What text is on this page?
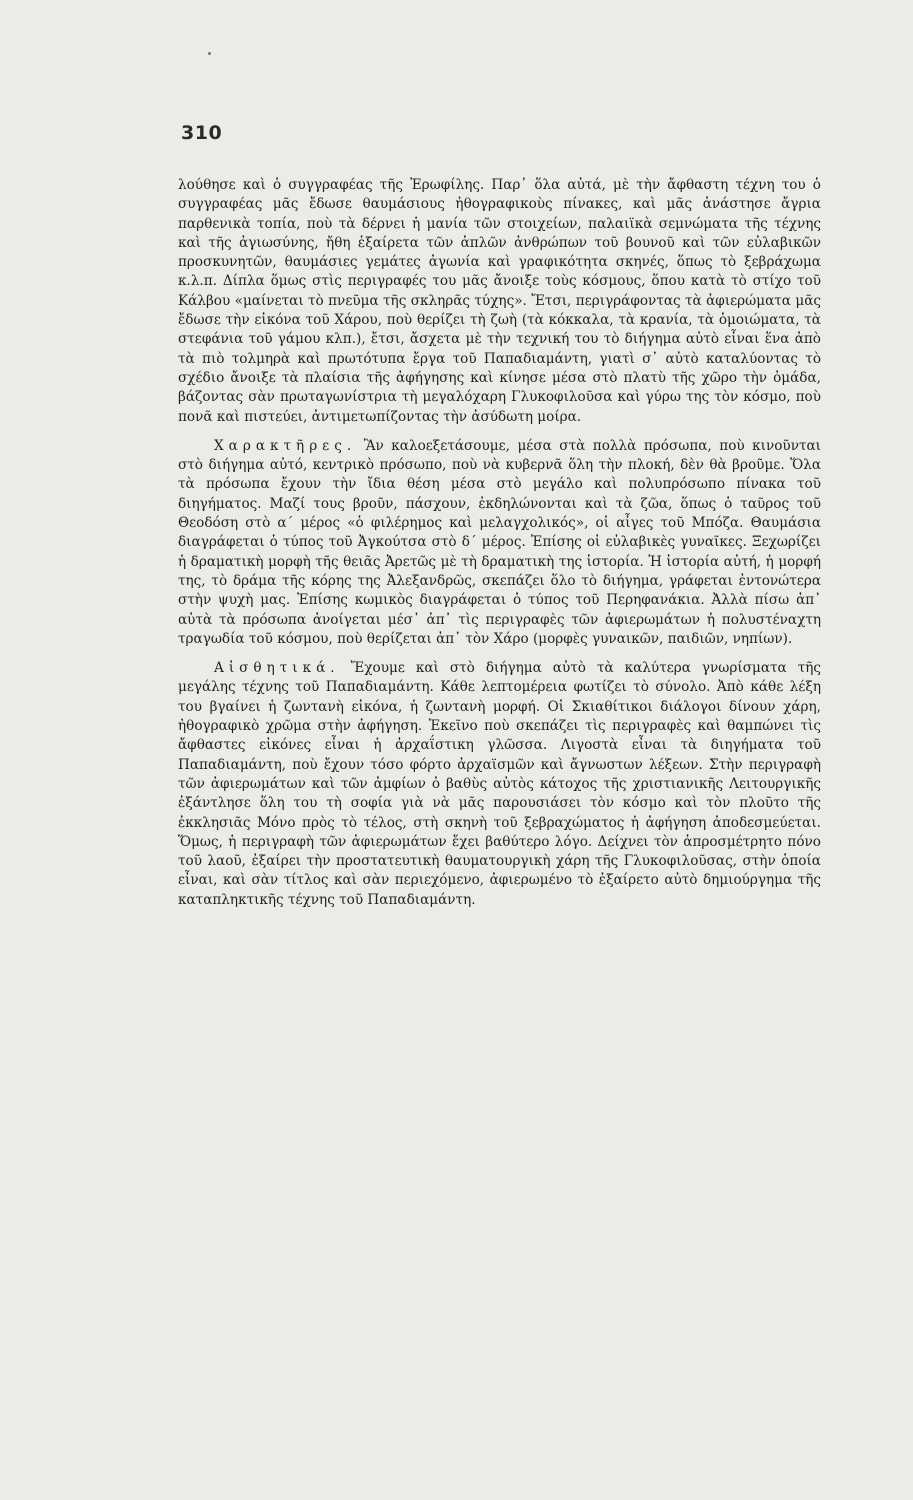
310

λούθησε καὶ ὁ συγγραφέας τῆς Ἐρωφίλης. Παρ᾽ ὅλα αὐτά, μὲ τὴν ἄφθαστη τέχνη του ὁ συγγραφέας μᾶς ἔδωσε θαυμάσιους ἠθογραφικοὺς πίνακες, καὶ μᾶς ἀνάστησε ἄγρια παρθενικὰ τοπία, ποὺ τὰ δέρνει ἡ μανία τῶν στοιχείων, παλαιϊκὰ σεμνώματα τῆς τέχνης καὶ τῆς ἁγιωσύνης, ἤθη ἐξαίρετα τῶν ἁπλῶν ἀνθρώπων τοῦ βουνοῦ καὶ τῶν εὐλαβικῶν προσκυνητῶν, θαυμάσιες γεμάτες ἀγωνία καὶ γραφικότητα σκηνές, ὅπως τὸ ξεβράχωμα κ.λ.π. Δίπλα ὅμως στὶς περιγραφές του μᾶς ἄνοιξε τοὺς κόσμους, ὅπου κατὰ τὸ στίχο τοῦ Κάλβου «μαίνεται τὸ πνεῦμα τῆς σκληρᾶς τύχης». Ἔτσι, περιγράφοντας τὰ ἀφιερώματα μᾶς ἔδωσε τὴν εἰκόνα τοῦ Χάρου, ποὺ θερίζει τὴ ζωὴ (τὰ κόκκαλα, τὰ κρανία, τὰ ὁμοιώματα, τὰ στεφάνια τοῦ γάμου κλπ.), ἔτσι, ἄσχετα μὲ τὴν τεχνική του τὸ διήγημα αὐτὸ εἶναι ἕνα ἀπὸ τὰ πιὸ τολμηρὰ καὶ πρωτότυπα ἔργα τοῦ Παπαδιαμάντη, γιατὶ σ᾽ αὐτὸ καταλύοντας τὸ σχέδιο ἄνοιξε τὰ πλαίσια τῆς ἀφήγησης καὶ κίνησε μέσα στὸ πλατὺ τῆς χῶρο τὴν ὁμάδα, βάζοντας σὰν πρωταγωνίστρια τὴ μεγαλόχαρη Γλυκοφιλοῦσα καὶ γύρω της τὸν κόσμο, ποὺ πονᾶ καὶ πιστεύει, ἀντιμετωπίζοντας τὴν ἀσύδωτη μοίρα.

Χαρακτῆρες. Ἂν καλοεξετάσουμε, μέσα στὰ πολλὰ πρόσωπα, ποὺ κινοῦνται στὸ διήγημα αὐτό, κεντρικὸ πρόσωπο, ποὺ νὰ κυβερνᾶ ὅλη τὴν πλοκή, δὲν θὰ βροῦμε. Ὅλα τὰ πρόσωπα ἔχουν τὴν ἴδια θέση μέσα στὸ μεγάλο καὶ πολυπρόσωπο πίνακα τοῦ διηγήματος. Μαζί τους βροῦν, πάσχουν, ἐκδηλώνονται καὶ τὰ ζῶα, ὅπως ὁ ταῦρος τοῦ Θεοδόση στὸ α΄ μέρος «ὁ φιλέρημος καὶ μελαγχολικός», οἱ αἶγες τοῦ Μπόζα. Θαυμάσια διαγράφεται ὁ τύπος τοῦ Ἀγκούτσα στὸ δ΄ μέρος. Ἐπίσης οἱ εὐλαβικὲς γυναῖκες. Ξεχωρίζει ἡ δραματικὴ μορφὴ τῆς θειᾶς Ἀρετῶς μὲ τὴ δραματικὴ της ἱστορία. Ἡ ἱστορία αὐτή, ἡ μορφή της, τὸ δράμα τῆς κόρης της Ἀλεξανδρῶς, σκεπάζει ὅλο τὸ διήγημα, γράφεται ἐντονώτερα στὴν ψυχὴ μας. Ἐπίσης κωμικὸς διαγράφεται ὁ τύπος τοῦ Περηφανάκια. Ἀλλὰ πίσω ἀπ᾽ αὐτὰ τὰ πρόσωπα ἀνοίγεται μέσ᾽ ἀπ᾽ τὶς περιγραφὲς τῶν ἀφιερωμάτων ἡ πολυστέναχτη τραγωδία τοῦ κόσμου, ποὺ θερίζεται ἀπ᾽ τὸν Χάρο (μορφὲς γυναικῶν, παιδιῶν, νηπίων).

Αἰσθητικά. Ἔχουμε καὶ στὸ διήγημα αὐτὸ τὰ καλύτερα γνωρίσματα τῆς μεγάλης τέχνης τοῦ Παπαδιαμάντη. Κάθε λεπτομέρεια φωτίζει τὸ σύνολο. Ἀπὸ κάθε λέξη του βγαίνει ἡ ζωντανὴ εἰκόνα, ἡ ζωντανὴ μορφή. Οἱ Σκιαθίτικοι διάλογοι δίνουν χάρη, ἠθογραφικὸ χρῶμα στὴν ἀφήγηση. Ἐκεῖνο ποὺ σκεπάζει τὶς περιγραφὲς καὶ θαμπώνει τὶς ἄφθαστες εἰκόνες εἶναι ἡ ἀρχαΐστικη γλῶσσα. Λιγοστὰ εἶναι τὰ διηγήματα τοῦ Παπαδιαμάντη, ποὺ ἔχουν τόσο φόρτο ἀρχαϊσμῶν καὶ ἄγνωστων λέξεων. Στὴν περιγραφὴ τῶν ἀφιερωμάτων καὶ τῶν ἀμφίων ὁ βαθὺς αὐτὸς κάτοχος τῆς χριστιανικῆς Λειτουργικῆς ἐξάντλησε ὅλη του τὴ σοφία γιὰ νὰ μᾶς παρουσιάσει τὸν κόσμο καὶ τὸν πλοῦτο τῆς ἐκκλησιᾶς Μόνο πρὸς τὸ τέλος, στὴ σκηνὴ τοῦ ξεβραχώματος ἡ ἀφήγηση ἀποδεσμεύεται. Ὅμως, ἡ περιγραφὴ τῶν ἀφιερωμάτων ἔχει βαθύτερο λόγο. Δείχνει τὸν ἀπροσμέτρητο πόνο τοῦ λαοῦ, ἐξαίρει τὴν προστατευτικὴ θαυματουργικὴ χάρη τῆς Γλυκοφιλοῦσας, στὴν ὁποία εἶναι, καὶ σὰν τίτλος καὶ σὰν περιεχόμενο, ἀφιερωμένο τὸ ἐξαίρετο αὐτὸ δημιούργημα τῆς καταπληκτικῆς τέχνης τοῦ Παπαδιαμάντη.
